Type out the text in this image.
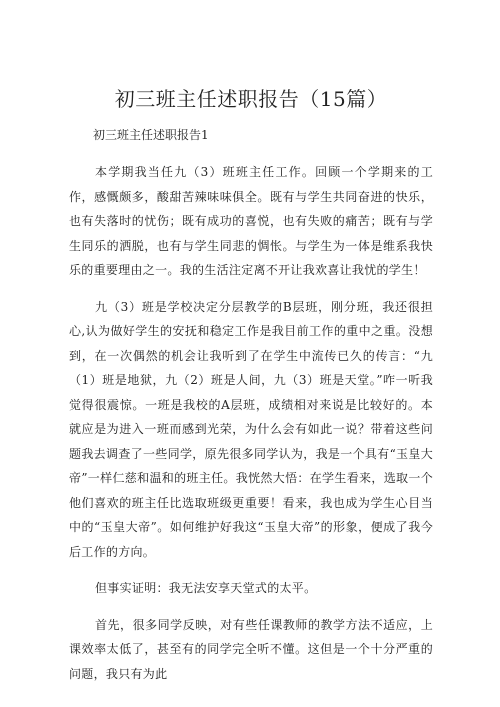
初三班主任述职报告（15篇）
初三班主任述职报告1

本学期我当任九（3）班班主任工作。回顾一个学期来的工作，感慨颇多，酸甜苦辣味味俱全。既有与学生共同奋进的快乐，也有失落时的忧伤；既有成功的喜悦，也有失败的痛苦；既有与学生同乐的洒脱，也有与学生同悲的惆怅。与学生为一体是维系我快乐的重要理由之一。我的生活注定离不开让我欢喜让我忧的学生！

九（3）班是学校决定分层教学的B层班，刚分班，我还很担心,认为做好学生的安抚和稳定工作是我目前工作的重中之重。没想到，在一次偶然的机会让我听到了在学生中流传已久的传言：“九（1）班是地狱，九（2）班是人间，九（3）班是天堂。”咋一听我觉得很震惊。一班是我校的A层班，成绩相对来说是比较好的。本就应是为进入一班而感到光荣，为什么会有如此一说？带着这些问题我去调查了一些同学，原先很多同学认为，我是一个具有“玉皇大帝”一样仁慈和温和的班主任。我恍然大悟：在学生看来，选取一个他们喜欢的班主任比选取班级更重要！看来，我也成为学生心目当中的“玉皇大帝”。如何维护好我这“玉皇大帝”的形象，便成了我今后工作的方向。

但事实证明：我无法安享天堂式的太平。

首先，很多同学反映，对有些任课教师的教学方法不适应，上课效率太低了，甚至有的同学完全听不懂。这但是一个十分严重的问题，我只有为此
